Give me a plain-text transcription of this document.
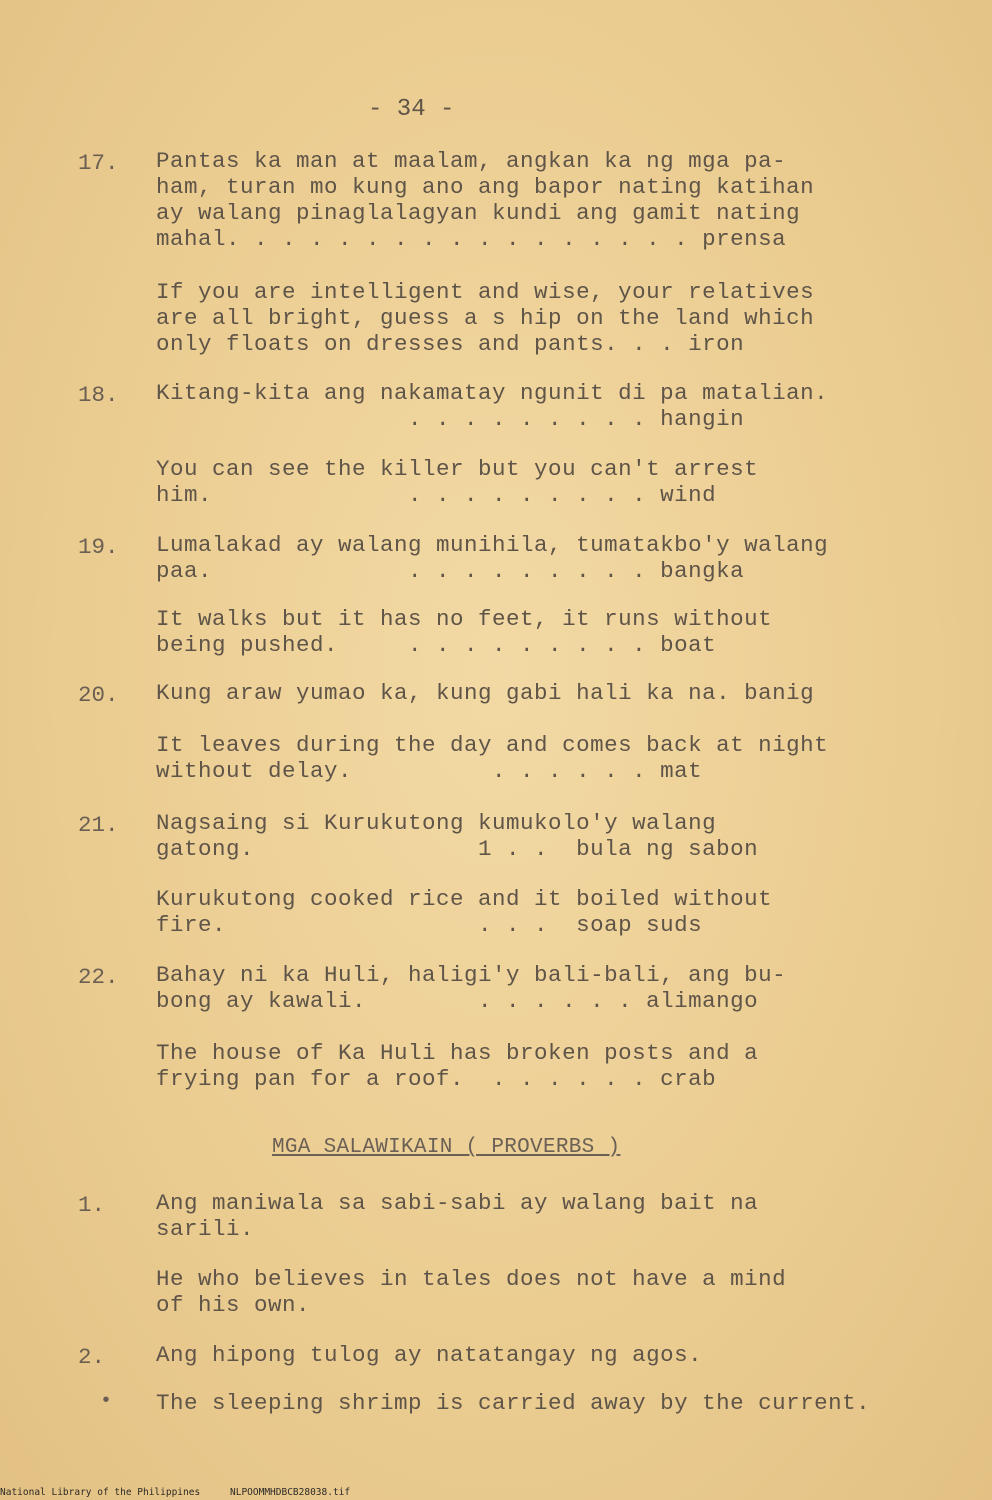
- 34 -
17. Pantas ka man at maalam, angkan ka ng mga pa-
ham, turan mo kung ano ang bapor nating katihan
ay walang pinaglalagyan kundi ang gamit nating
mahal. . . . . . . . . . . . . . . . . prensa
If you are intelligent and wise, your relatives
are all bright, guess a s hip on the land which
only floats on dresses and pants. . . iron
18. Kitang-kita ang nakamatay ngunit di pa matalian.
. . . . . . . . . hangin
You can see the killer but you can't arrest
him.              . . . . . . . . . wind
19. Lumalakad ay walang munihila, tumatakbo'y walang
paa.              . . . . . . . . . bangka
It walks but it has no feet, it runs without
being pushed.     . . . . . . . . . boat
20. Kung araw yumao ka, kung gabi hali ka na. banig
It leaves during the day and comes back at night
without delay.          . . . . . . mat
21. Nagsaing si Kurukutong kumukolo'y walang
gatong.                1 . .  bula ng sabon
Kurukutong cooked rice and it boiled without
fire.                  . . .  soap suds
22. Bahay ni ka Huli, haligi'y bali-bali, ang bu-
bong ay kawali.        . . . . . . alimango
The house of Ka Huli has broken posts and a
frying pan for a roof.  . . . . . . crab
MGA SALAWIKAIN ( PROVERBS )
1. Ang maniwala sa sabi-sabi ay walang bait na
sarili.
He who believes in tales does not have a mind
of his own.
2. Ang hipong tulog ay natatangay ng agos.
• The sleeping shrimp is carried away by the current.
National Library of the Philippines	NLPOOMMHDBCB28038.tif
